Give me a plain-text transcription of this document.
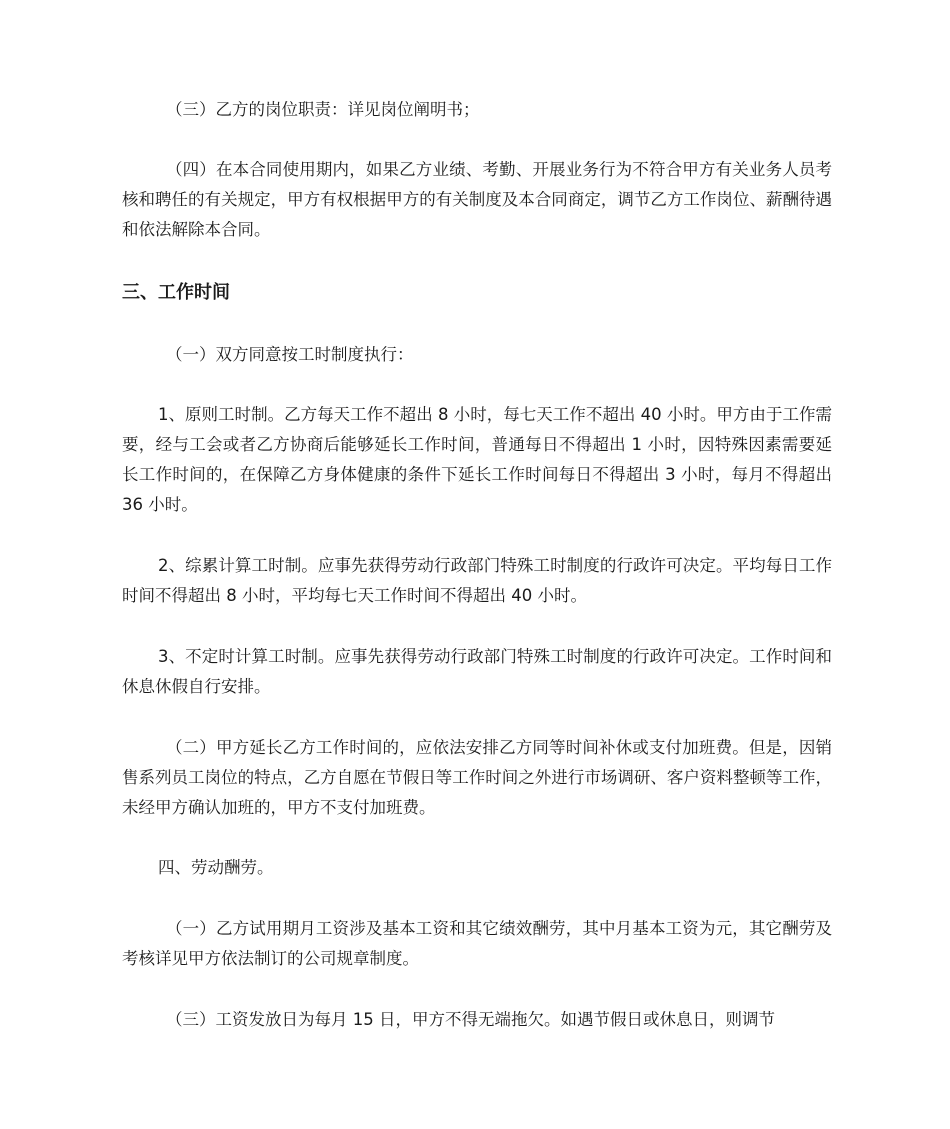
（三）乙方的岗位职责：详见岗位阐明书；

（四）在本合同使用期内，如果乙方业绩、考勤、开展业务行为不符合甲方有关业务人员考核和聘任的有关规定，甲方有权根据甲方的有关制度及本合同商定，调节乙方工作岗位、薪酬待遇和依法解除本合同。

三、工作时间

（一）双方同意按工时制度执行：

1、原则工时制。乙方每天工作不超出 8 小时，每七天工作不超出 40 小时。甲方由于工作需要，经与工会或者乙方协商后能够延长工作时间，普通每日不得超出 1 小时，因特殊因素需要延长工作时间的，在保障乙方身体健康的条件下延长工作时间每日不得超出 3 小时，每月不得超出 36 小时。

2、综累计算工时制。应事先获得劳动行政部门特殊工时制度的行政许可决定。平均每日工作时间不得超出 8 小时，平均每七天工作时间不得超出 40 小时。

3、不定时计算工时制。应事先获得劳动行政部门特殊工时制度的行政许可决定。工作时间和休息休假自行安排。

（二）甲方延长乙方工作时间的，应依法安排乙方同等时间补休或支付加班费。但是，因销售系列员工岗位的特点，乙方自愿在节假日等工作时间之外进行市场调研、客户资料整顿等工作，未经甲方确认加班的，甲方不支付加班费。

四、劳动酬劳。

（一）乙方试用期月工资涉及基本工资和其它绩效酬劳，其中月基本工资为元，其它酬劳及考核详见甲方依法制订的公司规章制度。

（三）工资发放日为每月 15 日，甲方不得无端拖欠。如遇节假日或休息日，则调节
